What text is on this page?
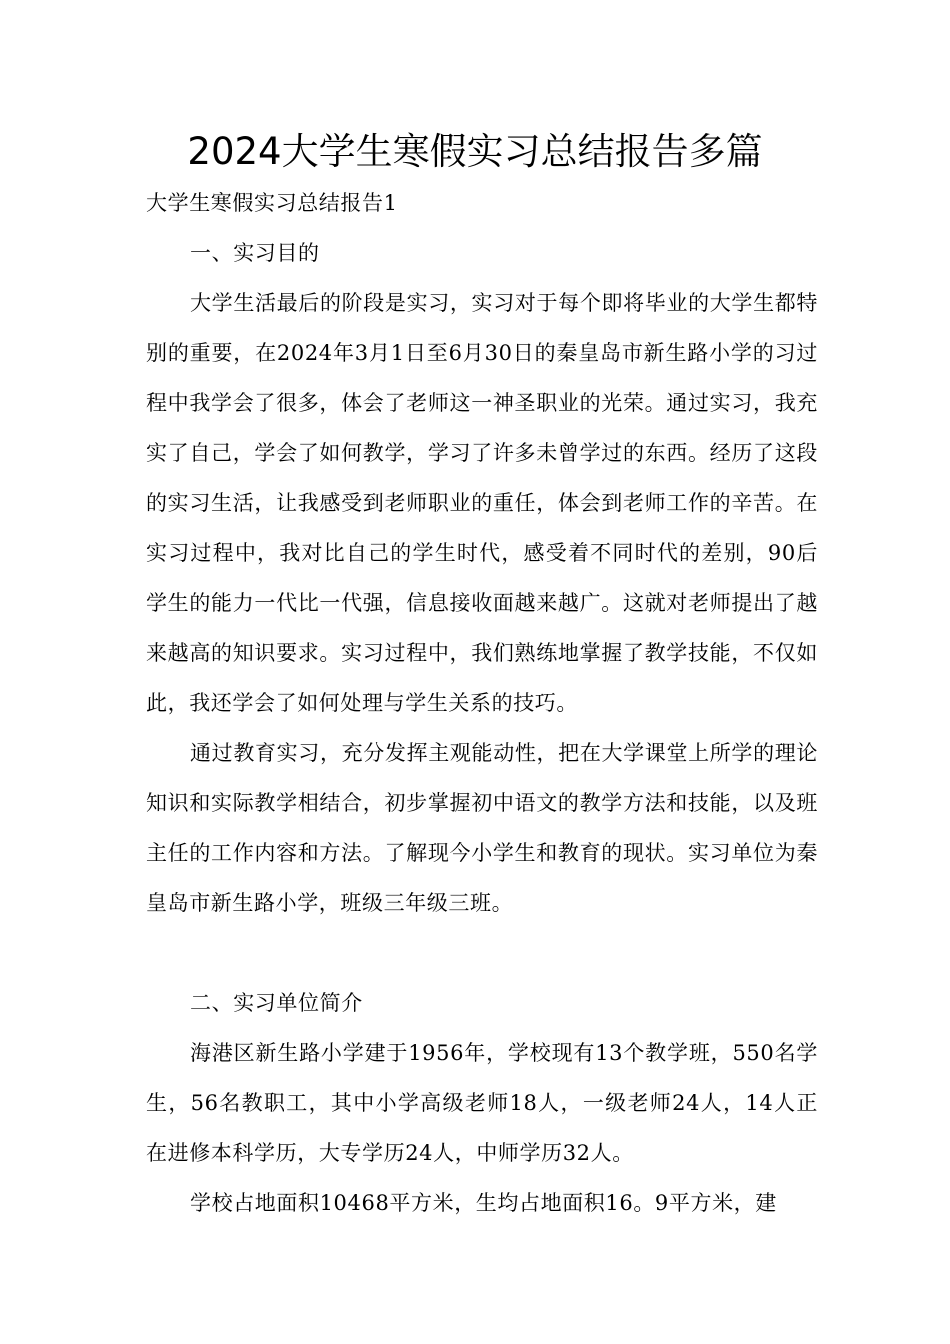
2024大学生寒假实习总结报告多篇
大学生寒假实习总结报告1

一、实习目的

大学生活最后的阶段是实习，实习对于每个即将毕业的大学生都特别的重要，在2024年3月1日至6月30日的秦皇岛市新生路小学的习过程中我学会了很多，体会了老师这一神圣职业的光荣。通过实习，我充实了自己，学会了如何教学，学习了许多未曾学过的东西。经历了这段的实习生活，让我感受到老师职业的重任，体会到老师工作的辛苦。在实习过程中，我对比自己的学生时代，感受着不同时代的差别，90后学生的能力一代比一代强，信息接收面越来越广。这就对老师提出了越来越高的知识要求。实习过程中，我们熟练地掌握了教学技能，不仅如此，我还学会了如何处理与学生关系的技巧。

通过教育实习，充分发挥主观能动性，把在大学课堂上所学的理论知识和实际教学相结合，初步掌握初中语文的教学方法和技能，以及班主任的工作内容和方法。了解现今小学生和教育的现状。实习单位为秦皇岛市新生路小学，班级三年级三班。

二、实习单位简介

海港区新生路小学建于1956年，学校现有13个教学班，550名学生，56名教职工，其中小学高级老师18人，一级老师24人，14人正在进修本科学历，大专学历24人，中师学历32人。

学校占地面积10468平方米，生均占地面积16。9平方米，建
